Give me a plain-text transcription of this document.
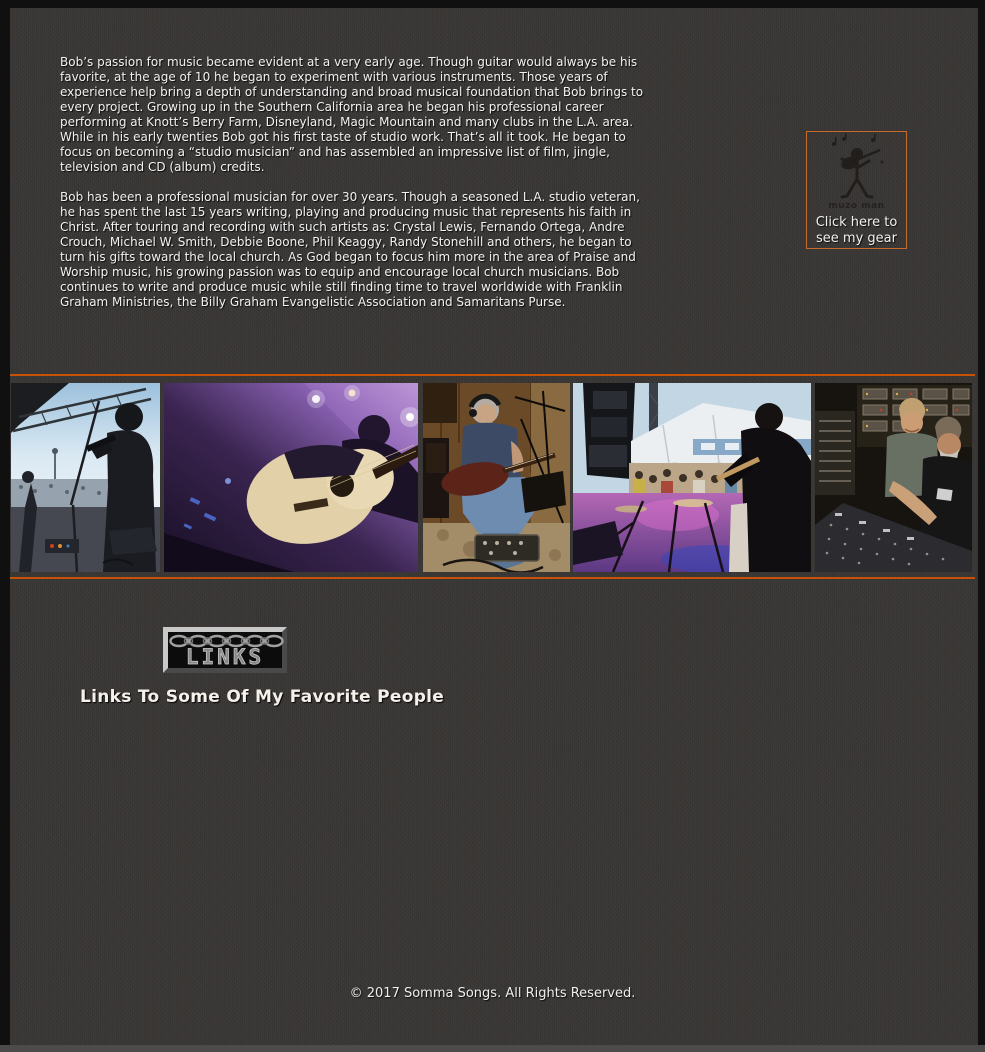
Bob’s passion for music became evident at a very early age. Though guitar would always be his favorite, at the age of 10 he began to experiment with various instruments. Those years of experience help bring a depth of understanding and broad musical foundation that Bob brings to every project. Growing up in the Southern California area he began his professional career performing at Knott’s Berry Farm, Disneyland, Magic Mountain and many clubs in the L.A. area. While in his early twenties Bob got his first taste of studio work. That’s all it took. He began to focus on becoming a “studio musician” and has assembled an impressive list of film, jingle, television and CD (album) credits.

Bob has been a professional musician for over 30 years. Though a seasoned L.A. studio veteran, he has spent the last 15 years writing, playing and producing music that represents his faith in Christ. After touring and recording with such artists as: Crystal Lewis, Fernando Ortega, Andre Crouch, Michael W. Smith, Debbie Boone, Phil Keaggy, Randy Stonehill and others, he began to turn his gifts toward the local church. As God began to focus him more in the area of Praise and Worship music, his growing passion was to equip and encourage local church musicians. Bob continues to write and produce music while still finding time to travel worldwide with Franklin Graham Ministries, the Billy Graham Evangelistic Association and Samaritans Purse.

muzo man
Click here to
see my gear
LINKS
Links To Some Of My Favorite People
© 2017 Somma Songs. All Rights Reserved.
